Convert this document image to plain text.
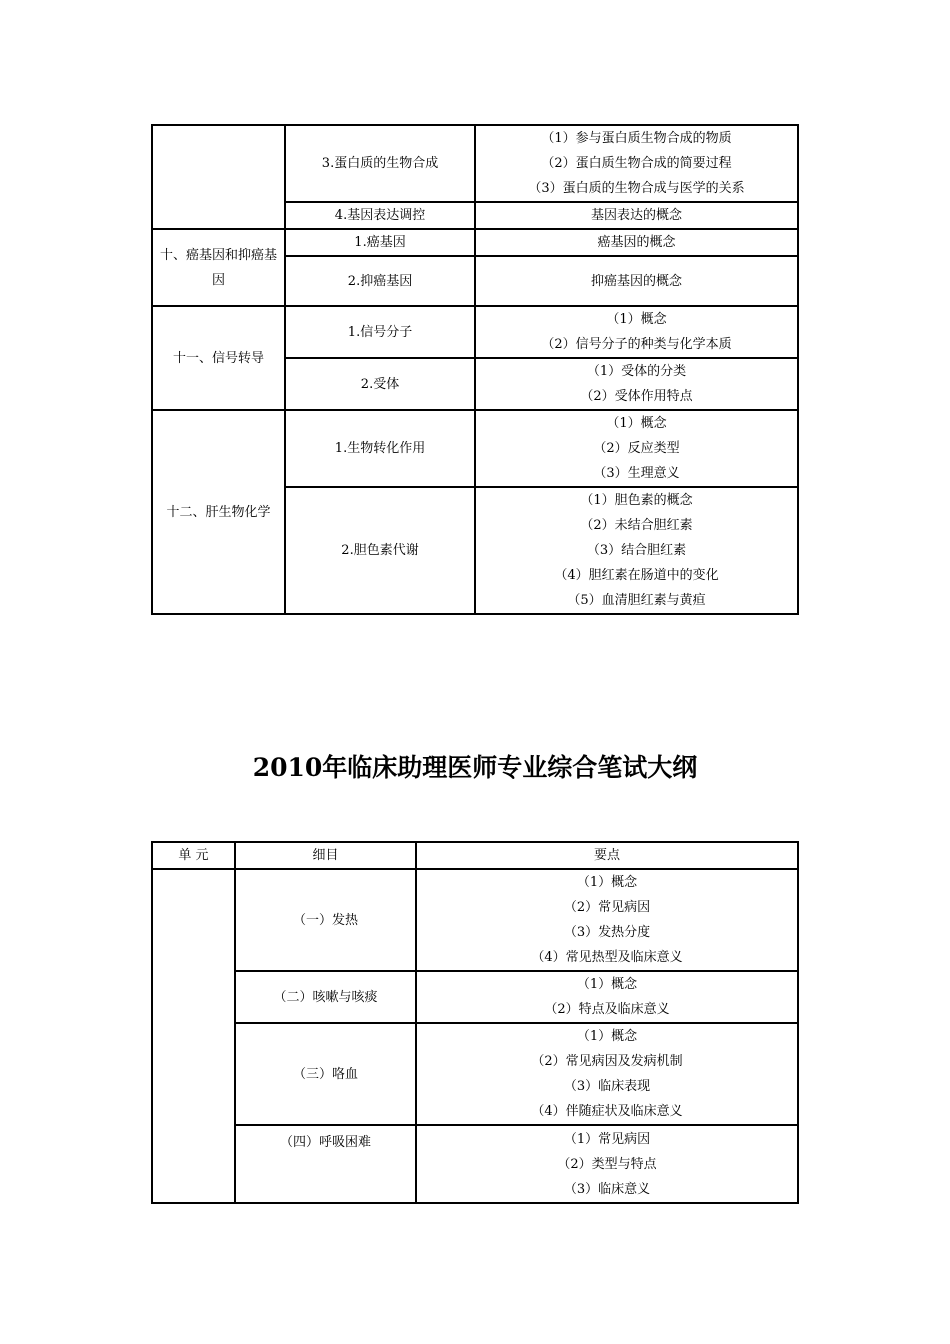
	3.蛋白质的生物合成	（1）参与蛋白质生物合成的物质
（2）蛋白质生物合成的简要过程
（3）蛋白质的生物合成与医学的关系

	4.基因表达调控	基因表达的概念

十、癌基因和抑癌基因	1.癌基因	癌基因的概念

	2.抑癌基因	抑癌基因的概念

十一、信号转导	1.信号分子	（1）概念
（2）信号分子的种类与化学本质

	2.受体	（1）受体的分类
（2）受体作用特点

十二、肝生物化学	1.生物转化作用	（1）概念
（2）反应类型
（3）生理意义

	2.胆色素代谢	（1）胆色素的概念
（2）未结合胆红素
（3）结合胆红素
（4）胆红素在肠道中的变化
（5）血清胆红素与黄疸
2010年临床助理医师专业综合笔试大纲
单 元	细目	要点
	（一）发热	（1）概念
（2）常见病因
（3）发热分度
（4）常见热型及临床意义

	（二）咳嗽与咳痰	（1）概念
（2）特点及临床意义

	（三）咯血	（1）概念
（2）常见病因及发病机制
（3）临床表现
（4）伴随症状及临床意义

	（四）呼吸困难	（1）常见病因
（2）类型与特点
（3）临床意义
